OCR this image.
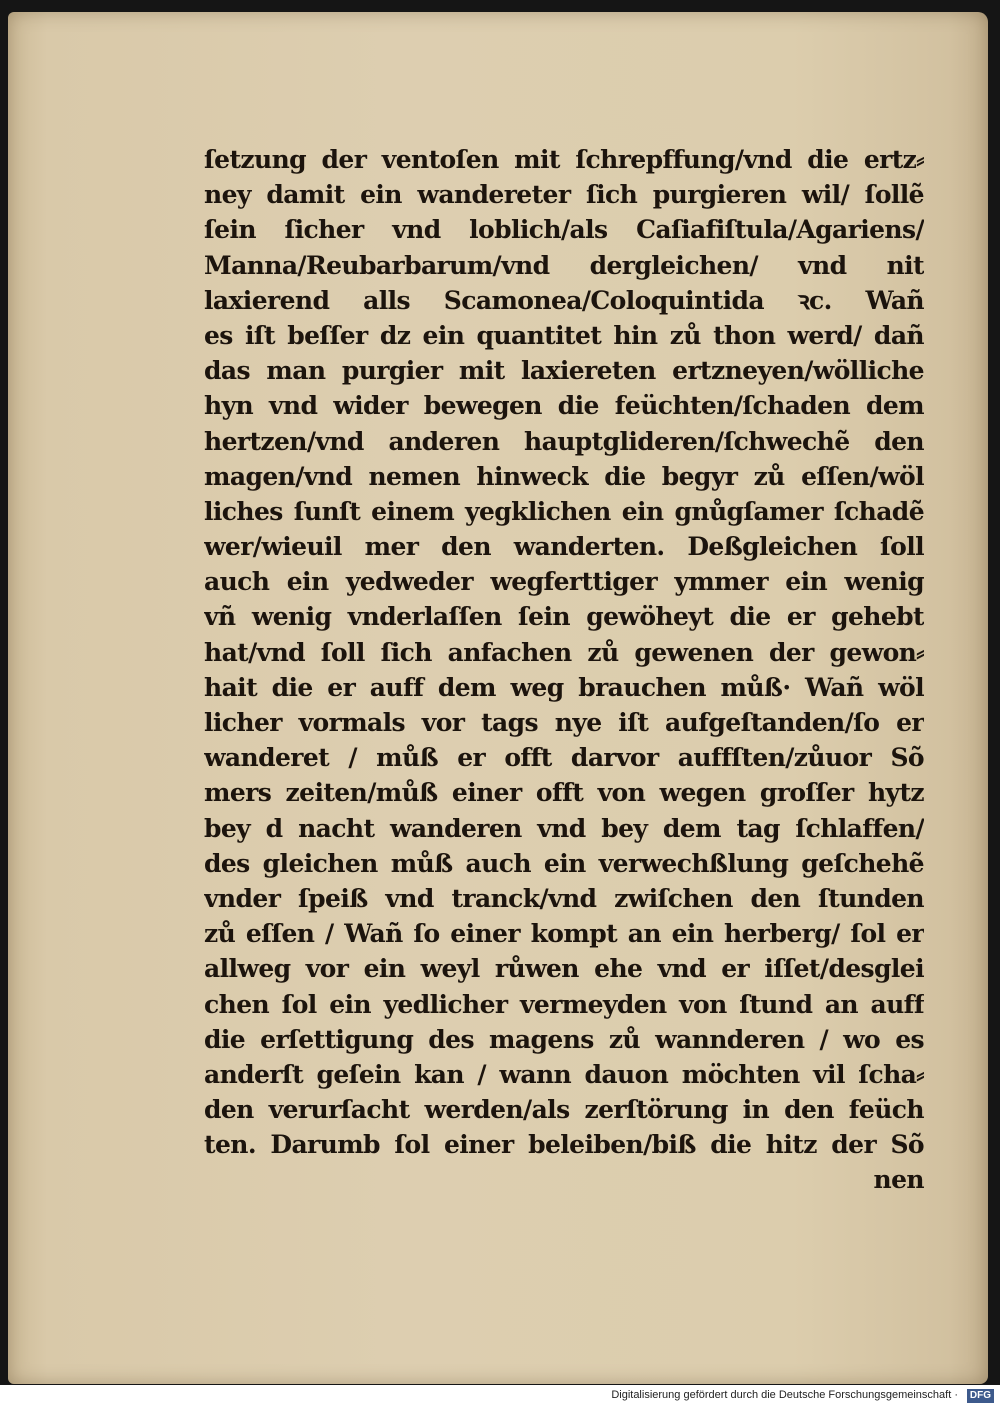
ſetzung der ventoſen mit ſchrepffung/vnd die ertz⸗
ney damit ein wandereter ſich purgieren wil/ ſollẽ
ſein ſicher vnd loblich/als Caſiafiſtula/Agariens/
Manna/Reubarbarum/vnd dergleichen/ vnd nit
laxierend alls Scamonea/Coloquintida ꝛc. Wañ
es iſt beſſer dz ein quantitet hin zů thon werd/ dañ
das man purgier mit laxiereten ertzneyen/wölliche
hyn vnd wider bewegen die feüchten/ſchaden dem
hertzen/vnd anderen hauptglideren/ſchwechẽ den
magen/vnd nemen hinweck die begyr zů eſſen/wöl
liches ſunſt einem yegklichen ein gnůgſamer ſchadẽ
wer/wieuil mer den wanderten. Deßgleichen ſoll
auch ein yedweder wegferttiger ymmer ein wenig
vñ wenig vnderlaſſen ſein gewöheyt die er gehebt
hat/vnd ſoll ſich anfachen zů gewenen der gewon⸗
hait die er auff dem weg brauchen můß· Wañ wöl
licher vormals vor tags nye iſt aufgeſtanden/ſo er
wanderet / můß er offt darvor auffſten/zůuor Sõ
mers zeiten/můß einer offt von wegen groſſer hytz
bey d nacht wanderen vnd bey dem tag ſchlaffen/
des gleichen můß auch ein verwechßlung geſchehẽ
vnder ſpeiß vnd tranck/vnd zwiſchen den ſtunden
zů eſſen / Wañ ſo einer kompt an ein herberg/ ſol er
allweg vor ein weyl růwen ehe vnd er iſſet/desglei
chen ſol ein yedlicher vermeyden von ſtund an auff
die erſettigung des magens zů wannderen / wo es
anderſt geſein kan / wann dauon möchten vil ſcha⸗
den verurſacht werden/als zerſtörung in den feüch
ten. Darumb ſol einer beleiben/biß die hitz der Sõ
nen
Digitalisierung gefördert durch die Deutsche Forschungsgemeinschaft ·	DFG
